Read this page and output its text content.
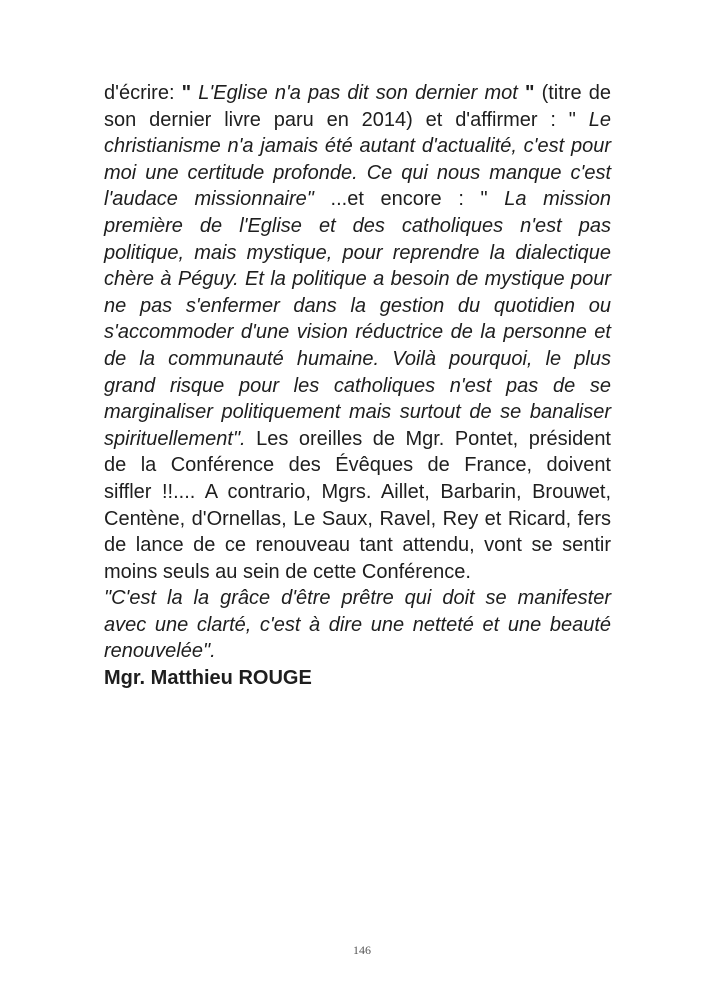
d'écrire: " L'Eglise n'a pas dit son dernier mot " (titre de
son dernier livre paru en 2014) et d'affirmer : " Le
christianisme n'a jamais été autant d'actualité, c'est pour
moi une certitude profonde. Ce qui nous manque c'est
l'audace missionnaire" ...et encore : " La mission
première de l'Eglise et des catholiques n'est pas
politique, mais mystique, pour reprendre la dialectique
chère à Péguy. Et la politique a besoin de mystique pour
ne pas s'enfermer dans la gestion du quotidien ou
s'accommoder d'une vision réductrice de la personne et
de la communauté humaine. Voilà pourquoi, le plus
grand risque pour les catholiques n'est pas de se
marginaliser politiquement mais surtout de se banaliser
spirituellement". Les oreilles de Mgr. Pontet, président
de la Conférence des Évêques de France, doivent
siffler !!.... A contrario, Mgrs. Aillet, Barbarin, Brouwet,
Centène, d'Ornellas, Le Saux, Ravel, Rey et Ricard, fers
de lance de ce renouveau tant attendu, vont se sentir
moins seuls au sein de cette Conférence.
"C'est la la grâce d'être prêtre qui doit se manifester
avec une clarté, c'est à dire une netteté et une beauté
renouvelée".
Mgr. Matthieu ROUGE
146
